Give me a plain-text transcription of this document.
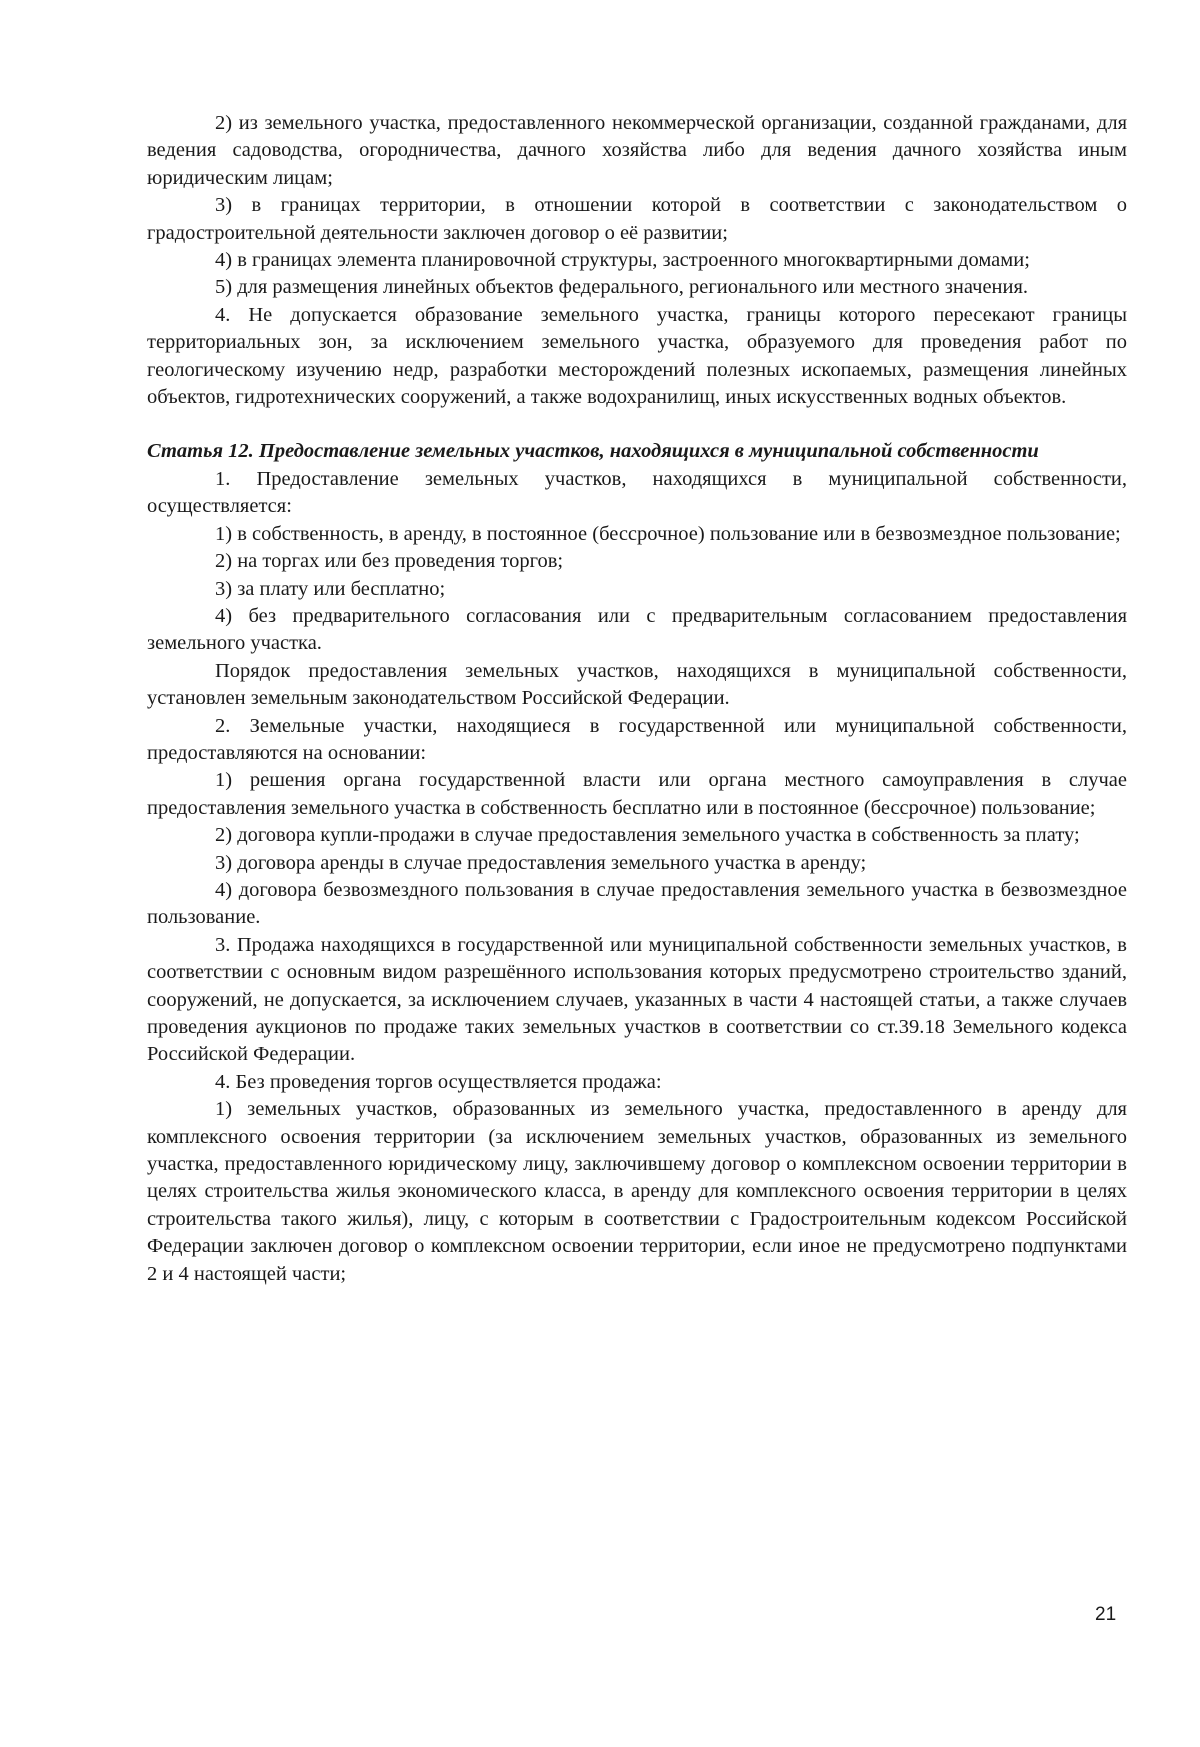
2) из земельного участка, предоставленного некоммерческой организации, созданной гражданами, для ведения садоводства, огородничества, дачного хозяйства либо для ведения дачного хозяйства иным юридическим лицам;

3) в границах территории, в отношении которой в соответствии с законодательством о градостроительной деятельности заключен договор о её развитии;

4) в границах элемента планировочной структуры, застроенного многоквартирными домами;

5) для размещения линейных объектов федерального, регионального или местного значения.

4. Не допускается образование земельного участка, границы которого пересекают границы территориальных зон, за исключением земельного участка, образуемого для проведения работ по геологическому изучению недр, разработки месторождений полезных ископаемых, размещения линейных объектов, гидротехнических сооружений, а также водохранилищ, иных искусственных водных объектов.

Статья 12. Предоставление земельных участков, находящихся в муниципальной собственности

1. Предоставление земельных участков, находящихся в муниципальной собственности, осуществляется:

1) в собственность, в аренду, в постоянное (бессрочное) пользование или в безвозмездное пользование;

2) на торгах или без проведения торгов;

3) за плату или бесплатно;

4) без предварительного согласования или с предварительным согласованием предоставления земельного участка.

Порядок предоставления земельных участков, находящихся в муниципальной собственности, установлен земельным законодательством Российской Федерации.

2. Земельные участки, находящиеся в государственной или муниципальной собственности, предоставляются на основании:

1) решения органа государственной власти или органа местного самоуправления в случае предоставления земельного участка в собственность бесплатно или в постоянное (бессрочное) пользование;

2) договора купли-продажи в случае предоставления земельного участка в собственность за плату;

3) договора аренды в случае предоставления земельного участка в аренду;

4) договора безвозмездного пользования в случае предоставления земельного участка в безвозмездное пользование.

3. Продажа находящихся в государственной или муниципальной собственности земельных участков, в соответствии с основным видом разрешённого использования которых предусмотрено строительство зданий, сооружений, не допускается, за исключением случаев, указанных в части 4 настоящей статьи, а также случаев проведения аукционов по продаже таких земельных участков в соответствии со ст.39.18 Земельного кодекса Российской Федерации.

4. Без проведения торгов осуществляется продажа:

1) земельных участков, образованных из земельного участка, предоставленного в аренду для комплексного освоения территории (за исключением земельных участков, образованных из земельного участка, предоставленного юридическому лицу, заключившему договор о комплексном освоении территории в целях строительства жилья экономического класса, в аренду для комплексного освоения территории в целях строительства такого жилья), лицу, с которым в соответствии с Градостроительным кодексом Российской Федерации заключен договор о комплексном освоении территории, если иное не предусмотрено подпунктами 2 и 4 настоящей части;

21
